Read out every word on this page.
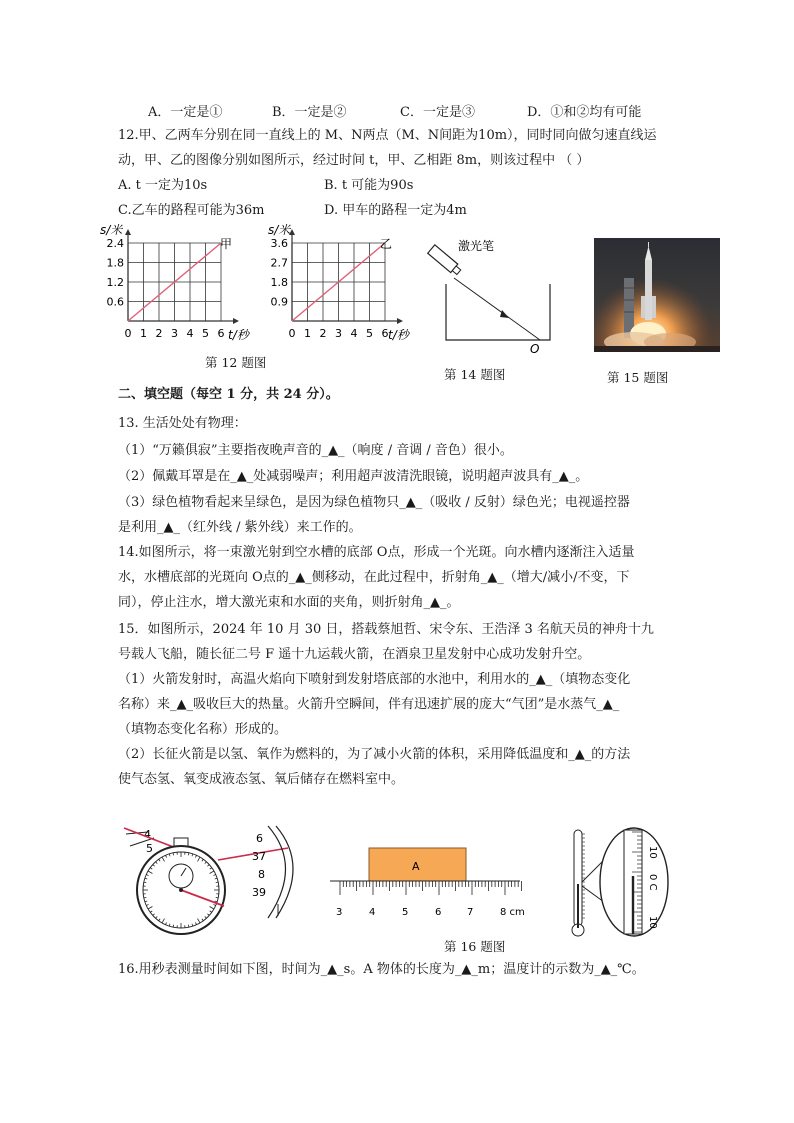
A．一定是①	B．一定是②	C．一定是③	D．①和②均有可能
12.甲、乙两车分别在同一直线上的 M、N两点（M、N间距为10m），同时同向做匀速直线运
动，甲、乙的图像分别如图所示，经过时间 t，甲、乙相距 8m，则该过程中 （ ）
A. t 一定为10s	B. t 可能为90s
C.乙车的路程可能为36m	D. 甲车的路程一定为4m
s/米
2.4
1.8
1.2
0.6
0 1 2 3 4 5 6
甲
t/秒
第 12 题图
s/米
3.6
2.7
1.8
0.9
0 1 2 3 4 5 6
乙
t/秒
激光笔
O
第 14 题图	第 15 题图
二、填空题（每空 1 分，共 24 分）。
13. 生活处处有物理：
（1）“万籁俱寂”主要指夜晚声音的_▲_（响度 / 音调 / 音色）很小。
（2）佩戴耳罩是在_▲_处减弱噪声；利用超声波清洗眼镜，说明超声波具有_▲_。
（3）绿色植物看起来呈绿色，是因为绿色植物只_▲_（吸收 / 反射）绿色光；电视遥控器
是利用_▲_（红外线 / 紫外线）来工作的。
14.如图所示，将一束激光射到空水槽的底部 O点，形成一个光斑。向水槽内逐渐注入适量
水，水槽底部的光斑向 O点的_▲_侧移动，在此过程中，折射角_▲_（增大/减小/不变，下
同），停止注水，增大激光束和水面的夹角，则折射角_▲_。
15．如图所示，2024 年 10 月 30 日，搭载蔡旭哲、宋令东、王浩泽 3 名航天员的神舟十九
号载人飞船，随长征二号 F 遥十九运载火箭，在酒泉卫星发射中心成功发射升空。
（1）火箭发射时，高温火焰向下喷射到发射塔底部的水池中，利用水的_▲_（填物态变化
名称）来_▲_吸收巨大的热量。火箭升空瞬间，伴有迅速扩展的庞大“气团”是水蒸气_▲_
（填物态变化名称）形成的。
（2）长征火箭是以氢、氧作为燃料的，为了减小火箭的体积，采用降低温度和_▲_的方法
使气态氢、氧变成液态氢、氧后储存在燃料室中。
4
5
6
37
8
39
A
3	4	5	6	7	8 cm
第 16 题图
10
0 C
10
16.用秒表测量时间如下图，时间为_▲_s。A 物体的长度为_▲_m；温度计的示数为_▲_℃。
